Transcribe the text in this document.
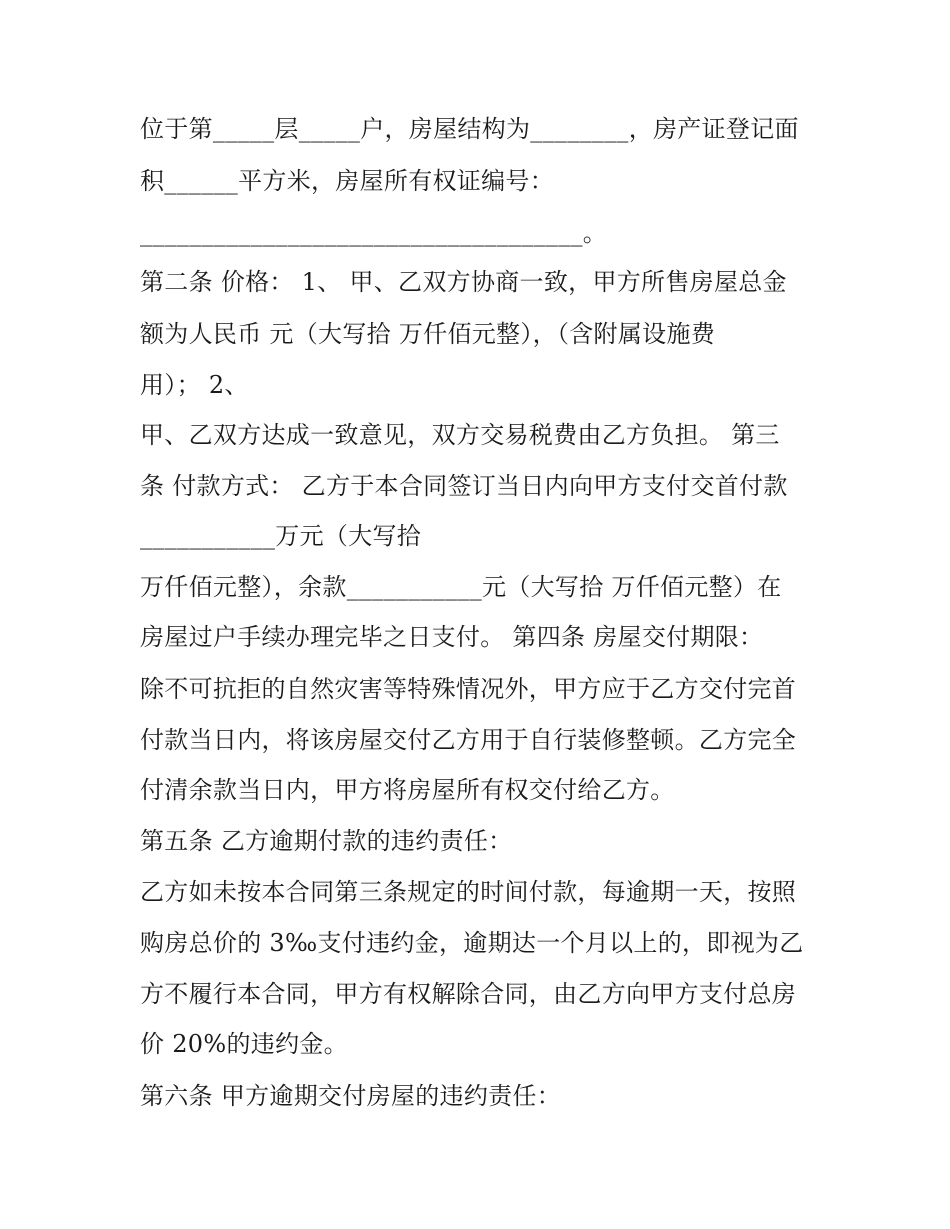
位于第_____层_____户，房屋结构为________，房产证登记面
积______平方米，房屋所有权证编号：
____________________________________。
第二条 价格： 1、 甲、乙双方协商一致，甲方所售房屋总金
额为人民币 元（大写拾 万仟佰元整），（含附属设施费
用）； 2、
甲、乙双方达成一致意见，双方交易税费由乙方负担。 第三
条 付款方式： 乙方于本合同签订当日内向甲方支付交首付款
___________万元（大写拾
万仟佰元整），余款___________元（大写拾 万仟佰元整）在
房屋过户手续办理完毕之日支付。 第四条 房屋交付期限：
除不可抗拒的自然灾害等特殊情况外，甲方应于乙方交付完首
付款当日内，将该房屋交付乙方用于自行装修整顿。乙方完全
付清余款当日内，甲方将房屋所有权交付给乙方。
第五条 乙方逾期付款的违约责任：
乙方如未按本合同第三条规定的时间付款，每逾期一天，按照
购房总价的 3‰支付违约金，逾期达一个月以上的，即视为乙
方不履行本合同，甲方有权解除合同，由乙方向甲方支付总房
价 20%的违约金。
第六条 甲方逾期交付房屋的违约责任：
